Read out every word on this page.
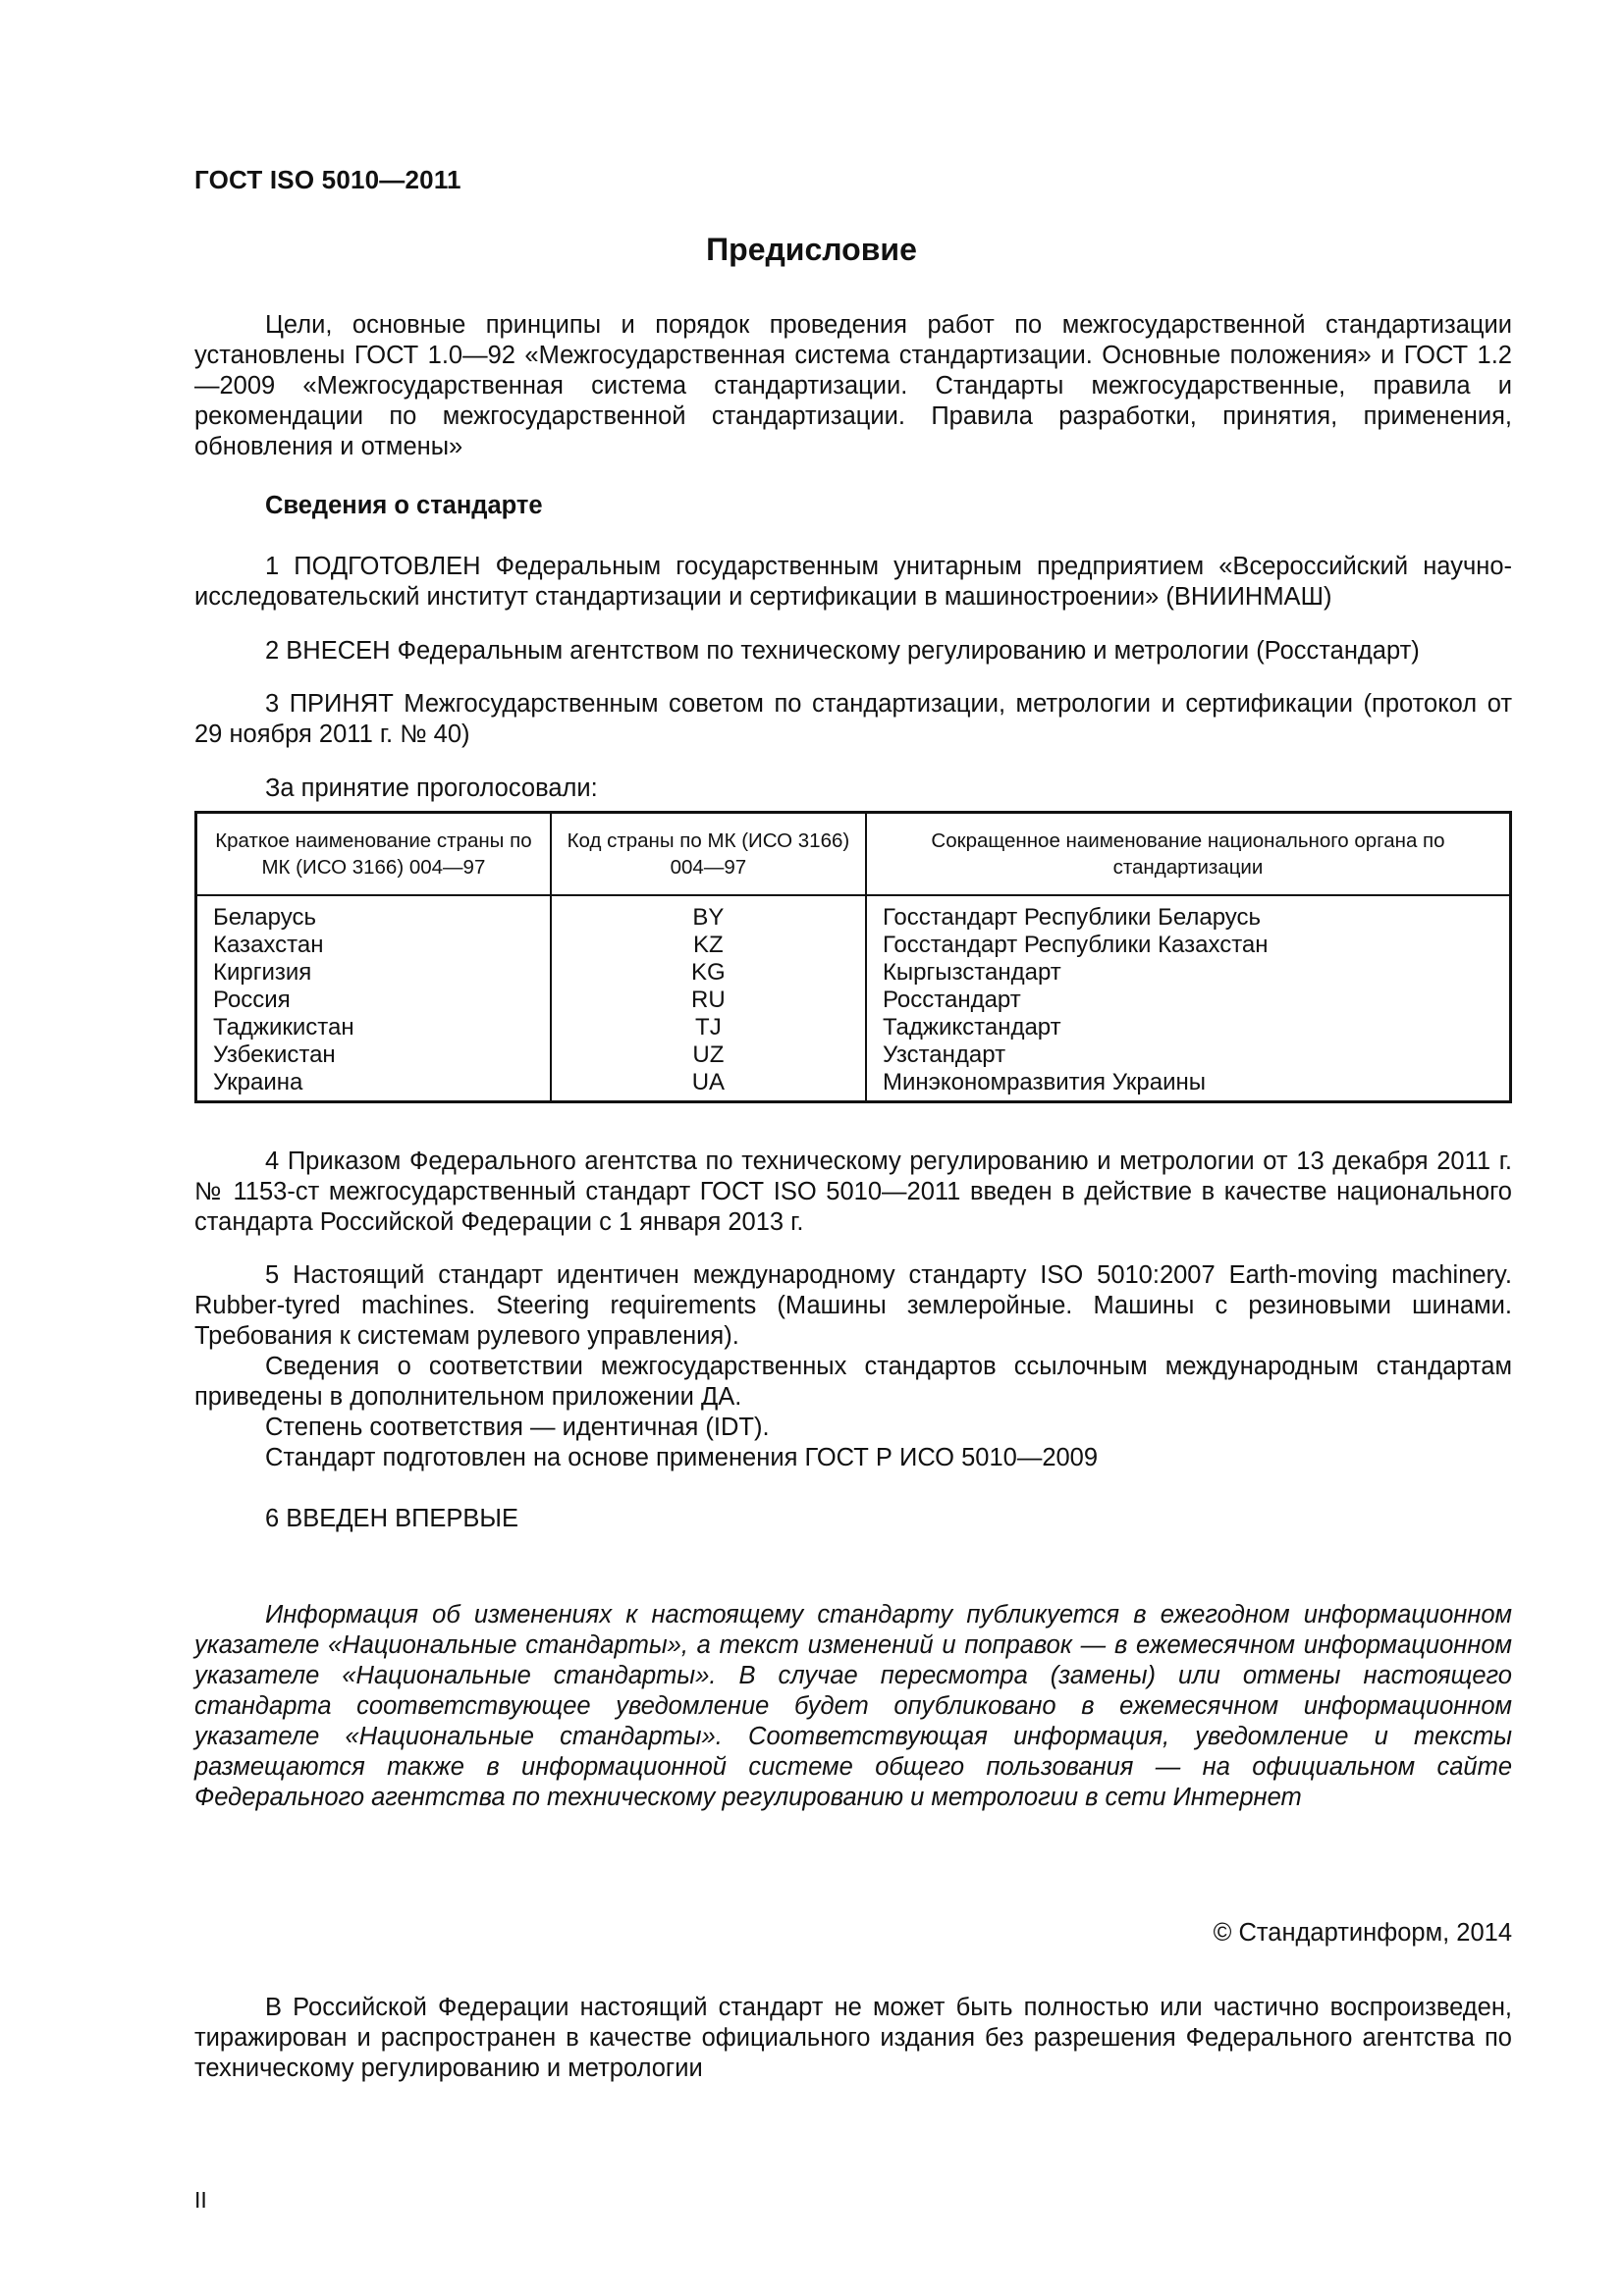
ГОСТ ISO 5010—2011
Предисловие

Цели, основные принципы и порядок проведения работ по межгосударственной стандартизации установлены ГОСТ 1.0—92 «Межгосударственная система стандартизации. Основные положения» и ГОСТ 1.2—2009 «Межгосударственная система стандартизации. Стандарты межгосударственные, правила и рекомендации по межгосударственной стандартизации. Правила разработки, принятия, применения, обновления и отмены»

Сведения о стандарте

1 ПОДГОТОВЛЕН Федеральным государственным унитарным предприятием «Всероссийский научно-исследовательский институт стандартизации и сертификации в машиностроении» (ВНИИНМАШ)

2 ВНЕСЕН Федеральным агентством по техническому регулированию и метрологии (Росстандарт)

3 ПРИНЯТ Межгосударственным советом по стандартизации, метрологии и сертификации (протокол от 29 ноября 2011 г. № 40)

За принятие проголосовали:

Краткое наименование страны по МК (ИСО 3166) 004—97	Код страны по МК (ИСО 3166) 004—97	Сокращенное наименование национального органа по стандартизации
Беларусь	BY	Госстандарт Республики Беларусь
Казахстан	KZ	Госстандарт Республики Казахстан
Киргизия	KG	Кыргызстандарт
Россия	RU	Росстандарт
Таджикистан	TJ	Таджикстандарт
Узбекистан	UZ	Узстандарт
Украина	UA	Минэкономразвития Украины

4 Приказом Федерального агентства по техническому регулированию и метрологии от 13 декабря 2011 г. № 1153-ст межгосударственный стандарт ГОСТ ISO 5010—2011 введен в действие в качестве национального стандарта Российской Федерации с 1 января 2013 г.

5 Настоящий стандарт идентичен международному стандарту ISO 5010:2007 Earth-moving machinery. Rubber-tyred machines. Steering requirements (Машины землеройные. Машины с резиновыми шинами. Требования к системам рулевого управления).

Сведения о соответствии межгосударственных стандартов ссылочным международным стандартам приведены в дополнительном приложении ДА.

Степень соответствия — идентичная (IDT).

Стандарт подготовлен на основе применения ГОСТ Р ИСО 5010—2009

6 ВВЕДЕН ВПЕРВЫЕ

Информация об изменениях к настоящему стандарту публикуется в ежегодном информационном указателе «Национальные стандарты», а текст изменений и поправок — в ежемесячном информационном указателе «Национальные стандарты». В случае пересмотра (замены) или отмены настоящего стандарта соответствующее уведомление будет опубликовано в ежемесячном информационном указателе «Национальные стандарты». Соответствующая информация, уведомление и тексты размещаются также в информационной системе общего пользования — на официальном сайте Федерального агентства по техническому регулированию и метрологии в сети Интернет

© Стандартинформ, 2014

В Российской Федерации настоящий стандарт не может быть полностью или частично воспроизведен, тиражирован и распространен в качестве официального издания без разрешения Федерального агентства по техническому регулированию и метрологии

II
